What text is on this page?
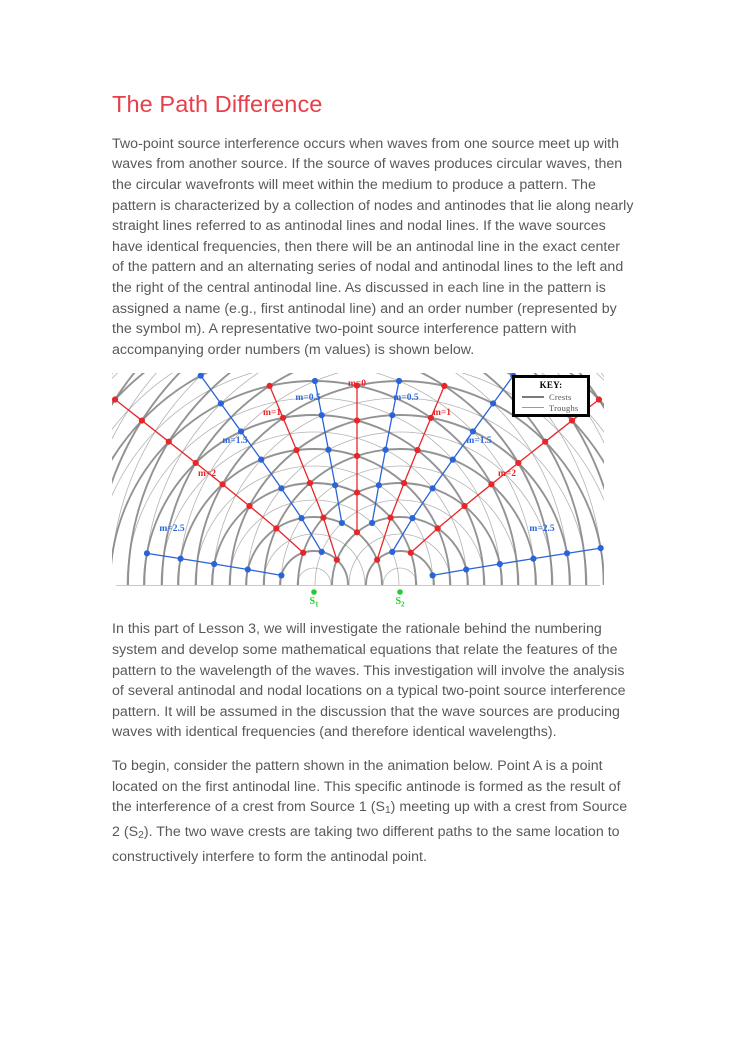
The Path Difference

Two-point source interference occurs when waves from one source meet up with waves from another source. If the source of waves produces circular waves, then the circular wavefronts will meet within the medium to produce a pattern. The pattern is characterized by a collection of nodes and antinodes that lie along nearly straight lines referred to as antinodal lines and nodal lines. If the wave sources have identical frequencies, then there will be an antinodal line in the exact center of the pattern and an alternating series of nodal and antinodal lines to the left and the right of the central antinodal line. As discussed in each line in the pattern is assigned a name (e.g., first antinodal line) and an order number (represented by the symbol m). A representative two-point source interference pattern with accompanying order numbers (m values) is shown below.

m=0
m=0.5	m=0.5
m=1	m=1
m=1.5	m=1.5
m=2	m=2
m=2.5	m=2.5
$S_1$	$S_2$
KEY:
Crests
Troughs

In this part of Lesson 3, we will investigate the rationale behind the numbering system and develop some mathematical equations that relate the features of the pattern to the wavelength of the waves. This investigation will involve the analysis of several antinodal and nodal locations on a typical two-point source interference pattern. It will be assumed in the discussion that the wave sources are producing waves with identical frequencies (and therefore identical wavelengths).

To begin, consider the pattern shown in the animation below. Point A is a point located on the first antinodal line. This specific antinode is formed as the result of the interference of a crest from Source 1 $(S_1)$ meeting up with a crest from Source 2 $(S_2)$. The two wave crests are taking two different paths to the same location to constructively interfere to form the antinodal point.
